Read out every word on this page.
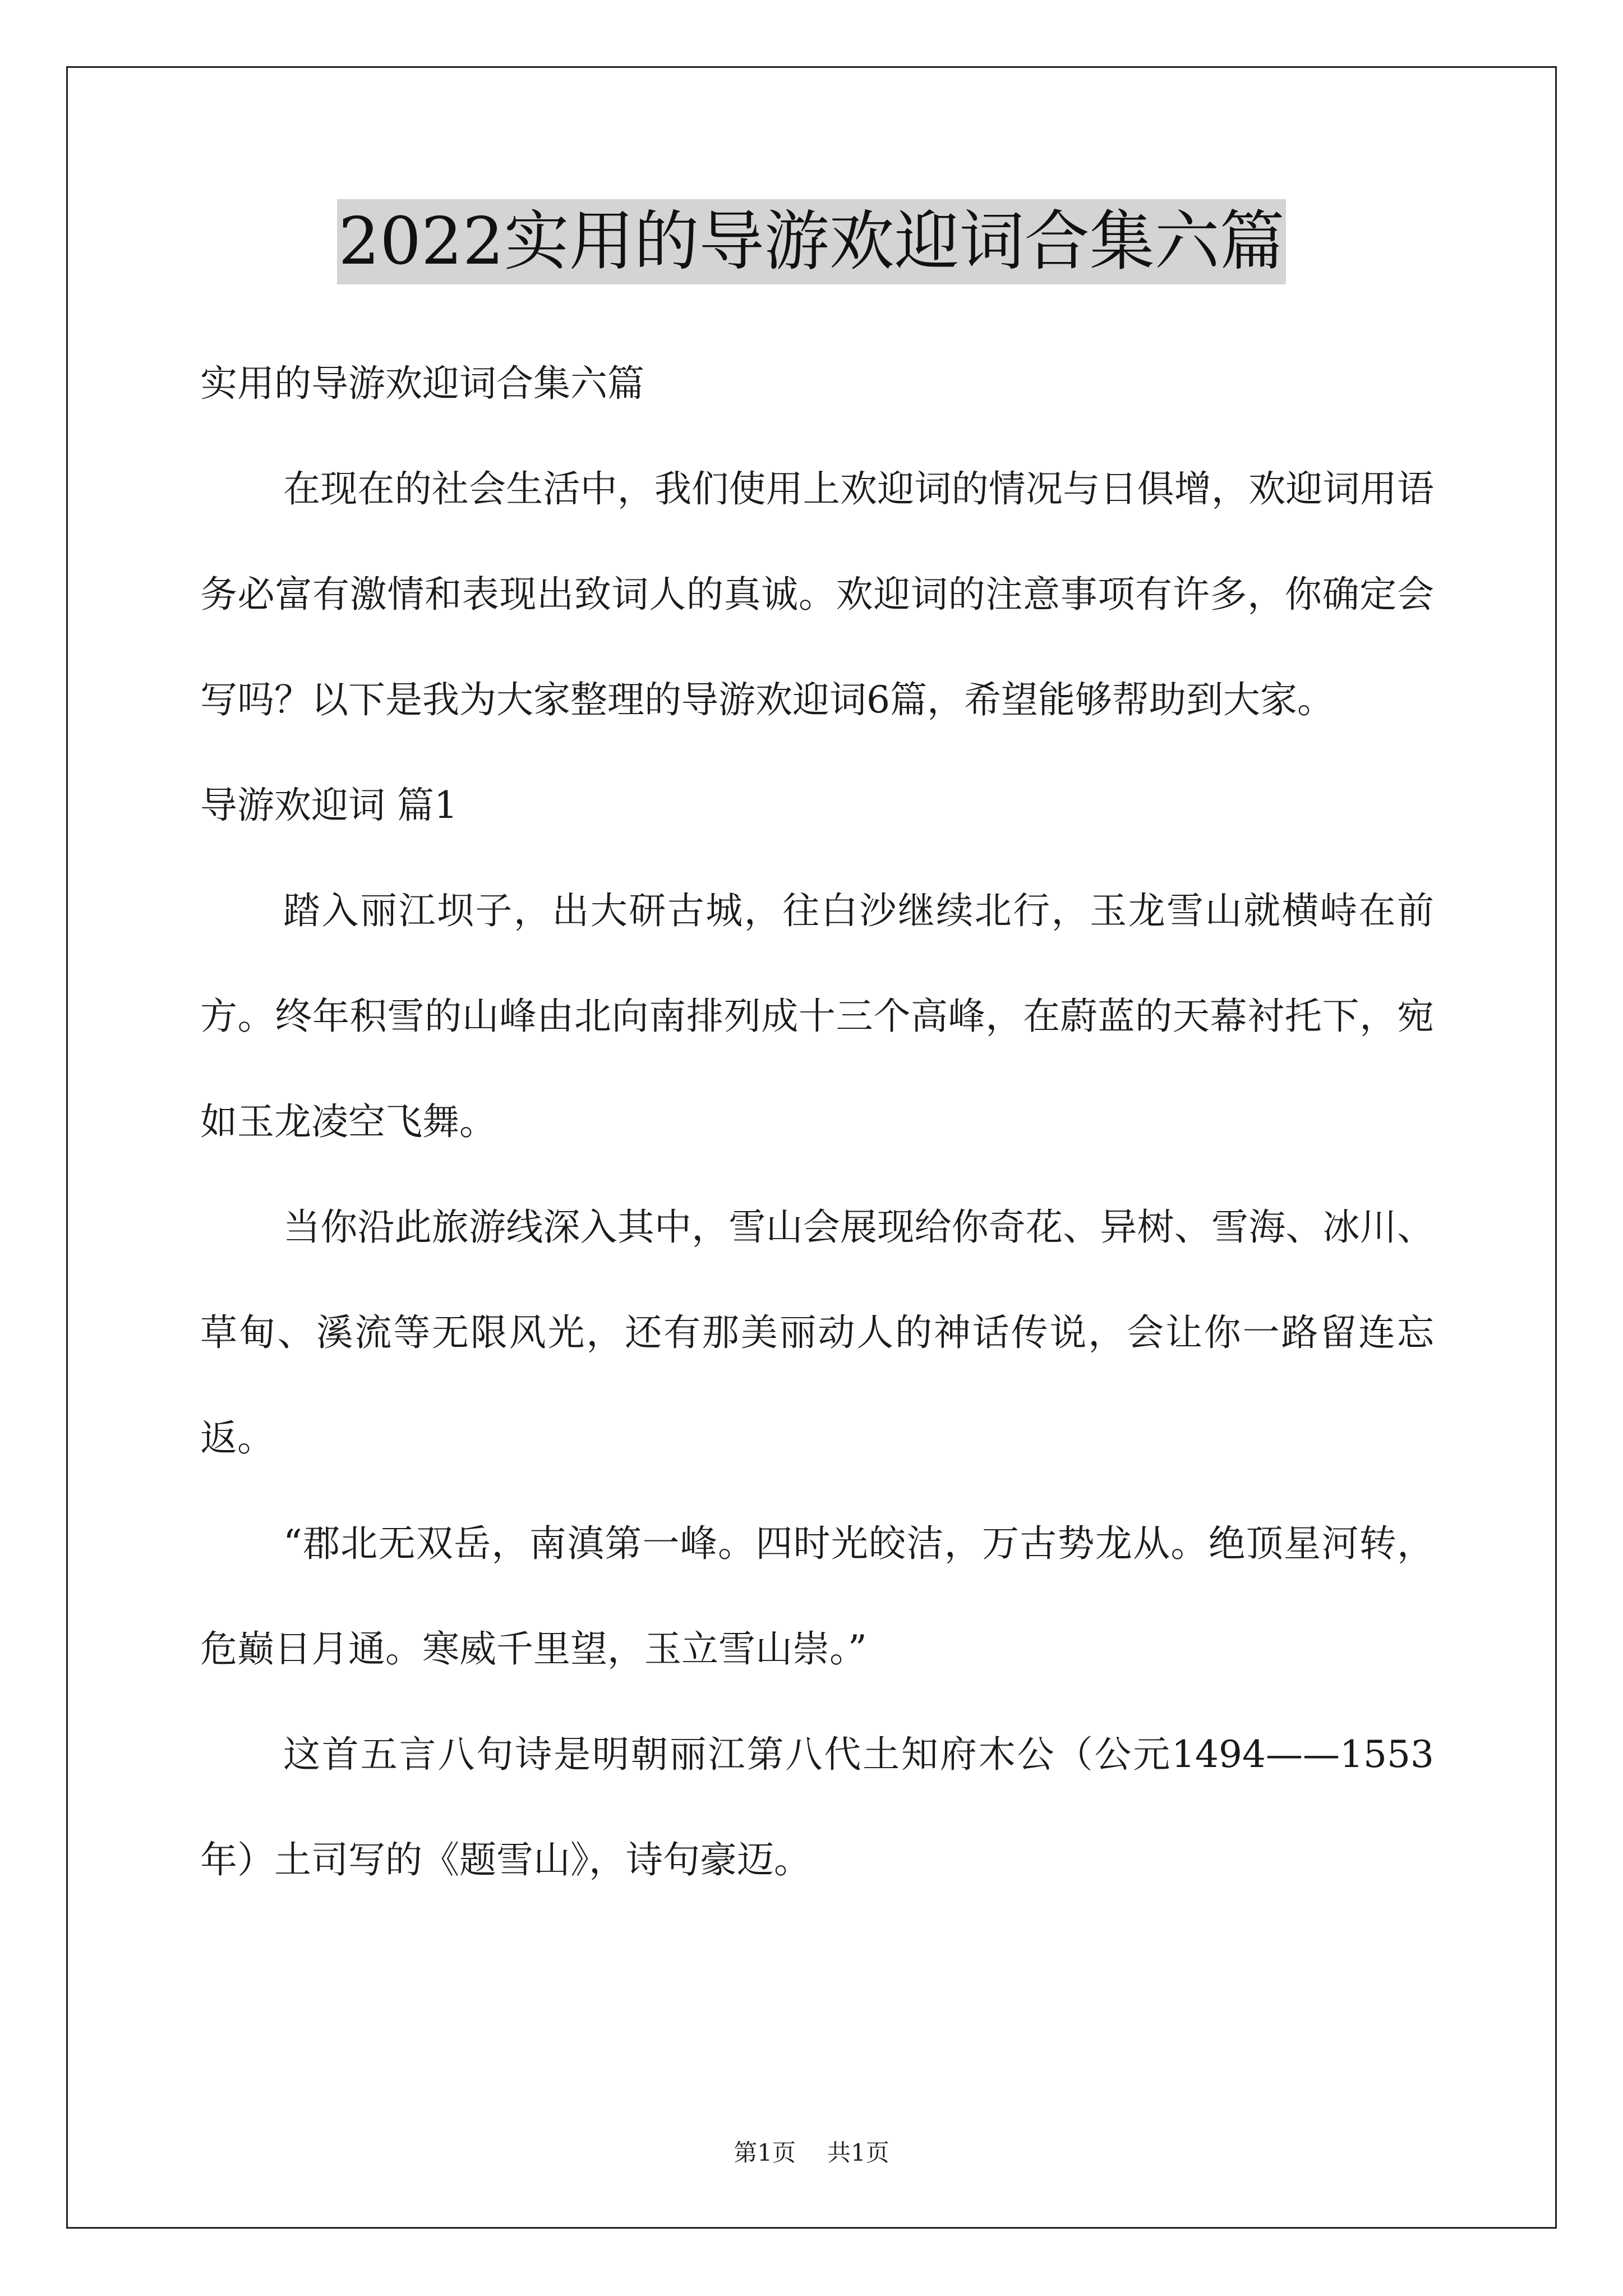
2022实用的导游欢迎词合集六篇

实用的导游欢迎词合集六篇

在现在的社会生活中，我们使用上欢迎词的情况与日俱增，欢迎词用语务必富有激情和表现出致词人的真诚。欢迎词的注意事项有许多，你确定会写吗？以下是我为大家整理的导游欢迎词6篇，希望能够帮助到大家。

导游欢迎词 篇1

踏入丽江坝子，出大研古城，往白沙继续北行，玉龙雪山就横峙在前方。终年积雪的山峰由北向南排列成十三个高峰，在蔚蓝的天幕衬托下，宛如玉龙凌空飞舞。

当你沿此旅游线深入其中，雪山会展现给你奇花、异树、雪海、冰川、草甸、溪流等无限风光，还有那美丽动人的神话传说，会让你一路留连忘返。

“郡北无双岳，南滇第一峰。四时光皎洁，万古势龙从。绝顶星河转，危巅日月通。寒威千里望，玉立雪山崇。”

这首五言八句诗是明朝丽江第八代土知府木公（公元1494——1553年）土司写的《题雪山》，诗句豪迈。

第1页 共1页
